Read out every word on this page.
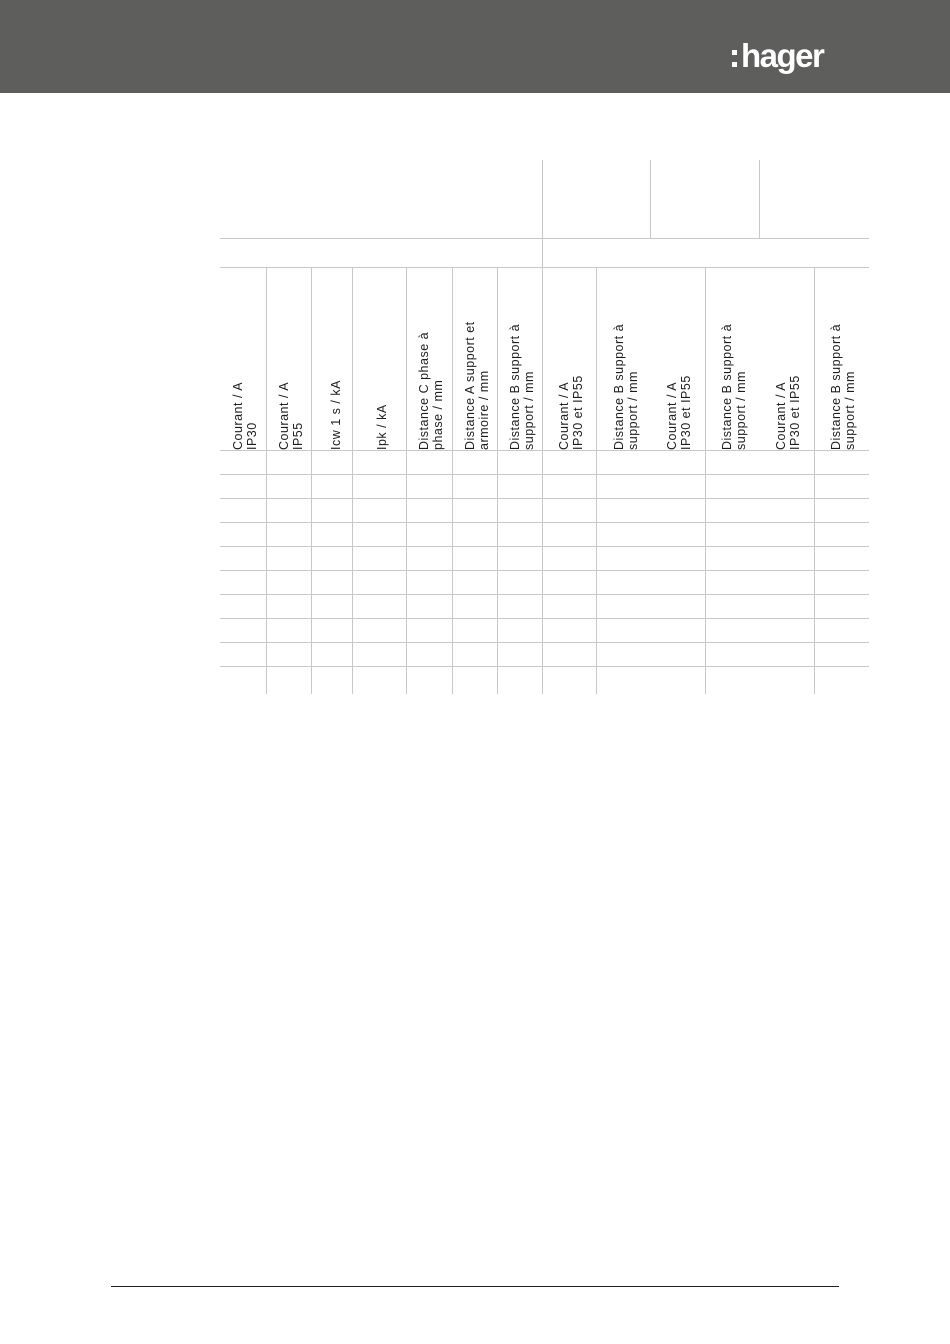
hager
Courant / A
IP30 Courant / A
IP55 Icw 1 s / kA	Ipk / kA Distance C phase à
phase / mm
Distance A support et
armoire / mm
Distance B support à
support / mm
Courant / A
IP30 et IP55
Distance B support à
support / mm
Courant / A
IP30 et IP55
Distance B support à
support / mm
Courant / A
IP30 et IP55
Distance B support à
support / mm
